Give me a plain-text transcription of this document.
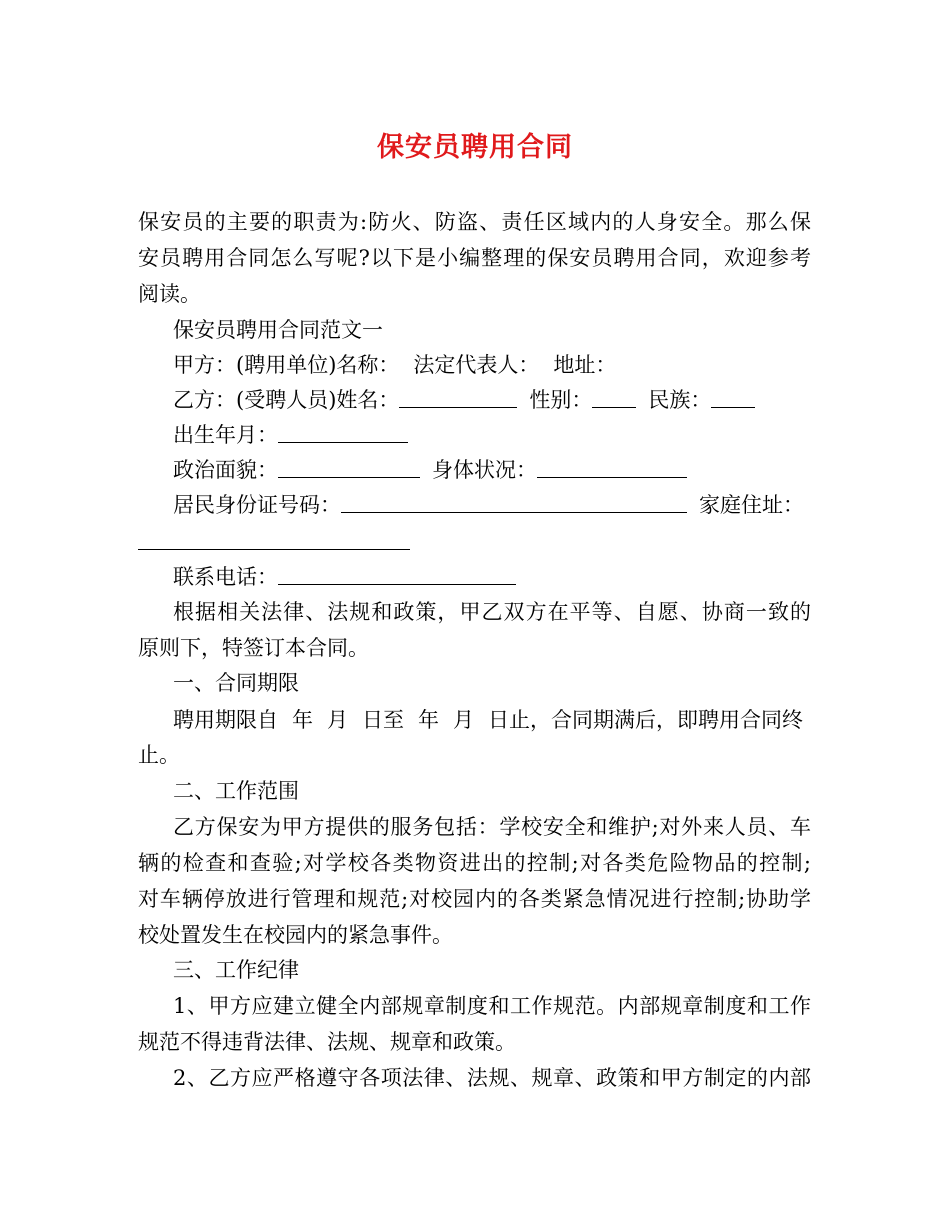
保安员聘用合同
保安员的主要的职责为:防火、防盗、责任区域内的人身安全。那么保
安员聘用合同怎么写呢?以下是小编整理的保安员聘用合同，欢迎参考
阅读。
保安员聘用合同范文一
甲方：(聘用单位)名称： 法定代表人： 地址：
乙方：(受聘人员)姓名：	性别：	民族：
出生年月：
政治面貌：	身体状况：
居民身份证号码：	家庭住址：
联系电话：
根据相关法律、法规和政策，甲乙双方在平等、自愿、协商一致的
原则下，特签订本合同。
一、合同期限
聘用期限自 年 月 日至 年 月 日止，合同期满后，即聘用合同终
止。
二、工作范围
乙方保安为甲方提供的服务包括：学校安全和维护;对外来人员、车
辆的检查和查验;对学校各类物资进出的控制;对各类危险物品的控制;
对车辆停放进行管理和规范;对校园内的各类紧急情况进行控制;协助学
校处置发生在校园内的紧急事件。
三、工作纪律
1、甲方应建立健全内部规章制度和工作规范。内部规章制度和工作
规范不得违背法律、法规、规章和政策。
2、乙方应严格遵守各项法律、法规、规章、政策和甲方制定的内部
